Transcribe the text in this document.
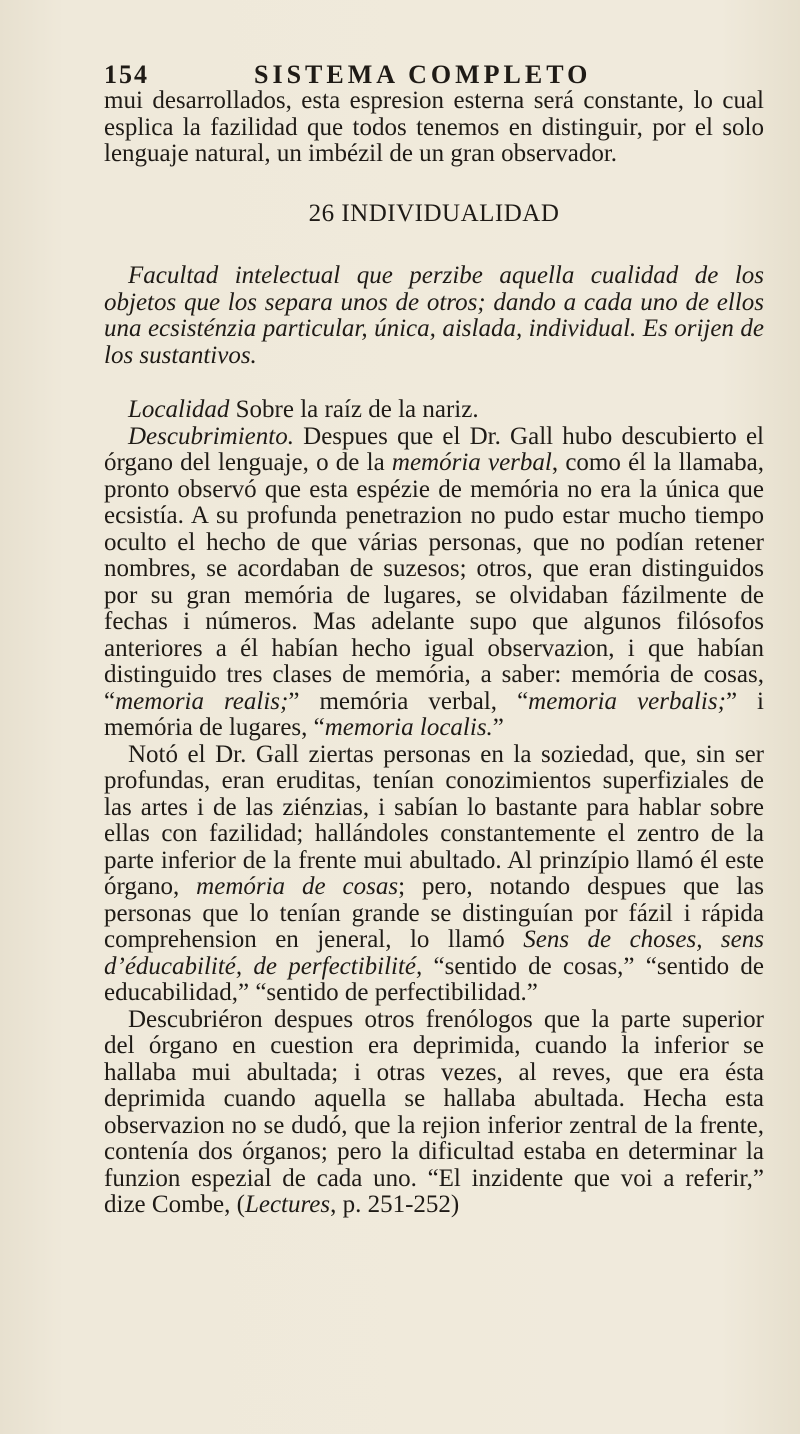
154	SISTEMA COMPLETO

mui desarrollados, esta espresion esterna será constante, lo cual esplica la fazilidad que todos tenemos en distinguir, por el solo lenguaje natural, un imbézil de un gran observador.

26 INDIVIDUALIDAD

Facultad intelectual que perzibe aquella cualidad de los objetos que los separa unos de otros; dando a cada uno de ellos una ecsisténzia particular, única, aislada, individual. Es orijen de los sustantivos.

Localidad Sobre la raíz de la nariz.

Descubrimiento. Despues que el Dr. Gall hubo descubierto el órgano del lenguaje, o de la memória verbal, como él la llamaba, pronto observó que esta espézie de memória no era la única que ecsistía. A su profunda penetrazion no pudo estar mucho tiempo oculto el hecho de que várias personas, que no podían retener nombres, se acordaban de suzesos; otros, que eran distinguidos por su gran memória de lugares, se olvidaban fázilmente de fechas i números. Mas adelante supo que algunos filósofos anteriores a él habían hecho igual observazion, i que habían distinguido tres clases de memória, a saber: memória de cosas, “memoria realis;” memória verbal, “memoria verbalis;” i memória de lugares, “memoria localis.”

Notó el Dr. Gall ziertas personas en la soziedad, que, sin ser profundas, eran eruditas, tenían conozimientos superfiziales de las artes i de las ziénzias, i sabían lo bastante para hablar sobre ellas con fazilidad; hallándoles constantemente el zentro de la parte inferior de la frente mui abultado. Al prinzípio llamó él este órgano, memória de cosas; pero, notando despues que las personas que lo tenían grande se distinguían por fázil i rápida comprehension en jeneral, lo llamó Sens de choses, sens d’éducabilité, de perfectibilité, “sentido de cosas,” “sentido de educabilidad,” “sentido de perfectibilidad.”

Descubriéron despues otros frenólogos que la parte superior del órgano en cuestion era deprimida, cuando la inferior se hallaba mui abultada; i otras vezes, al reves, que era ésta deprimida cuando aquella se hallaba abultada. Hecha esta observazion no se dudó, que la rejion inferior zentral de la frente, contenía dos órganos; pero la dificultad estaba en determinar la funzion espezial de cada uno. “El inzidente que voi a referir,” dize Combe, (Lectures, p. 251-252)
